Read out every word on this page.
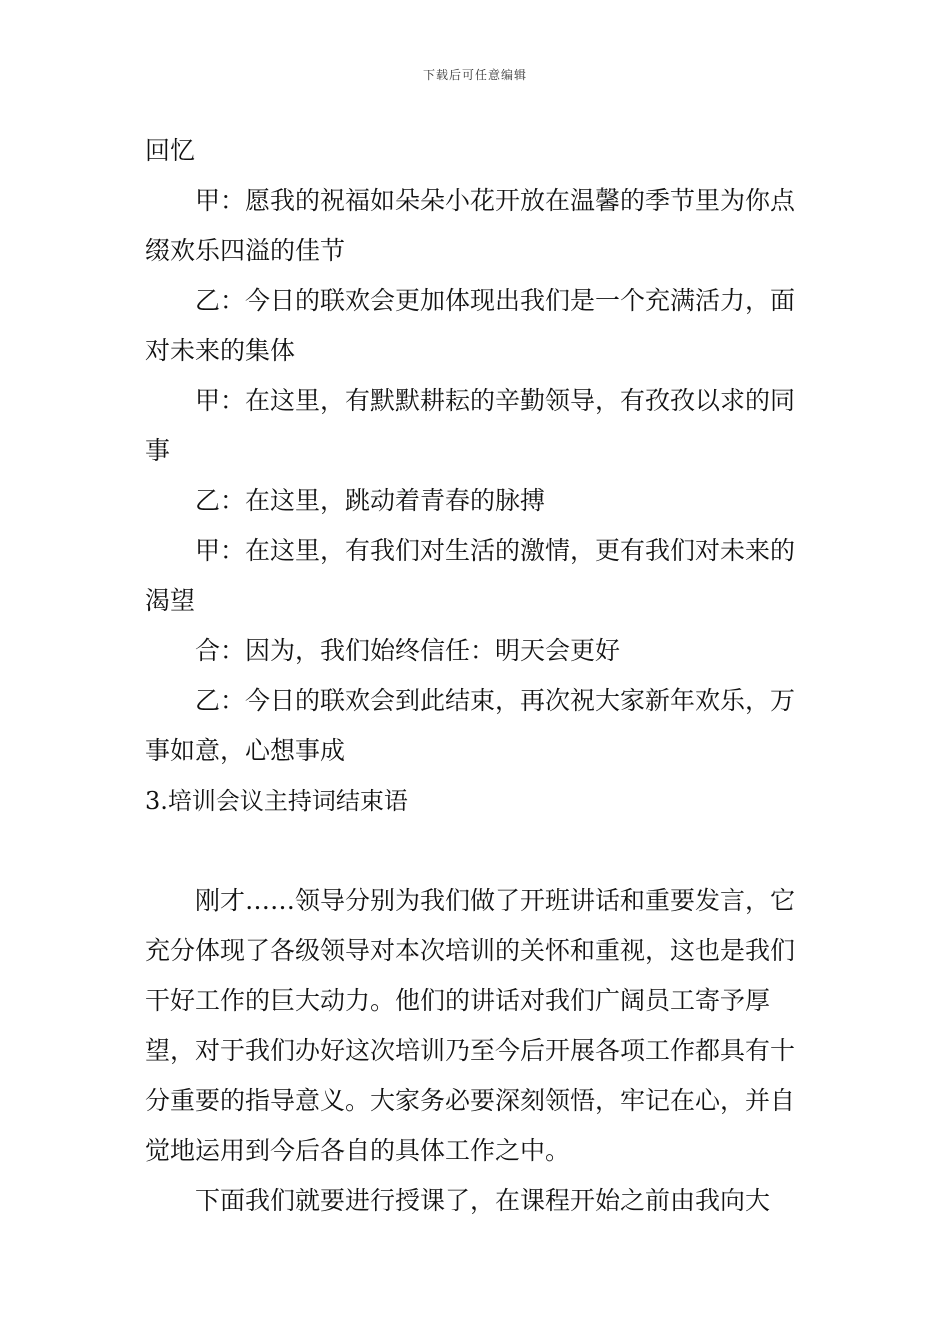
下载后可任意编辑

回忆

甲：愿我的祝福如朵朵小花开放在温馨的季节里为你点缀欢乐四溢的佳节

乙：今日的联欢会更加体现出我们是一个充满活力，面对未来的集体

甲：在这里，有默默耕耘的辛勤领导，有孜孜以求的同事

乙：在这里，跳动着青春的脉搏

甲：在这里，有我们对生活的激情，更有我们对未来的渴望

合：因为，我们始终信任：明天会更好

乙：今日的联欢会到此结束，再次祝大家新年欢乐，万事如意，心想事成

3.培训会议主持词结束语

刚才……领导分别为我们做了开班讲话和重要发言，它充分体现了各级领导对本次培训的关怀和重视，这也是我们干好工作的巨大动力。他们的讲话对我们广阔员工寄予厚望，对于我们办好这次培训乃至今后开展各项工作都具有十分重要的指导意义。大家务必要深刻领悟，牢记在心，并自觉地运用到今后各自的具体工作之中。

下面我们就要进行授课了，在课程开始之前由我向大
